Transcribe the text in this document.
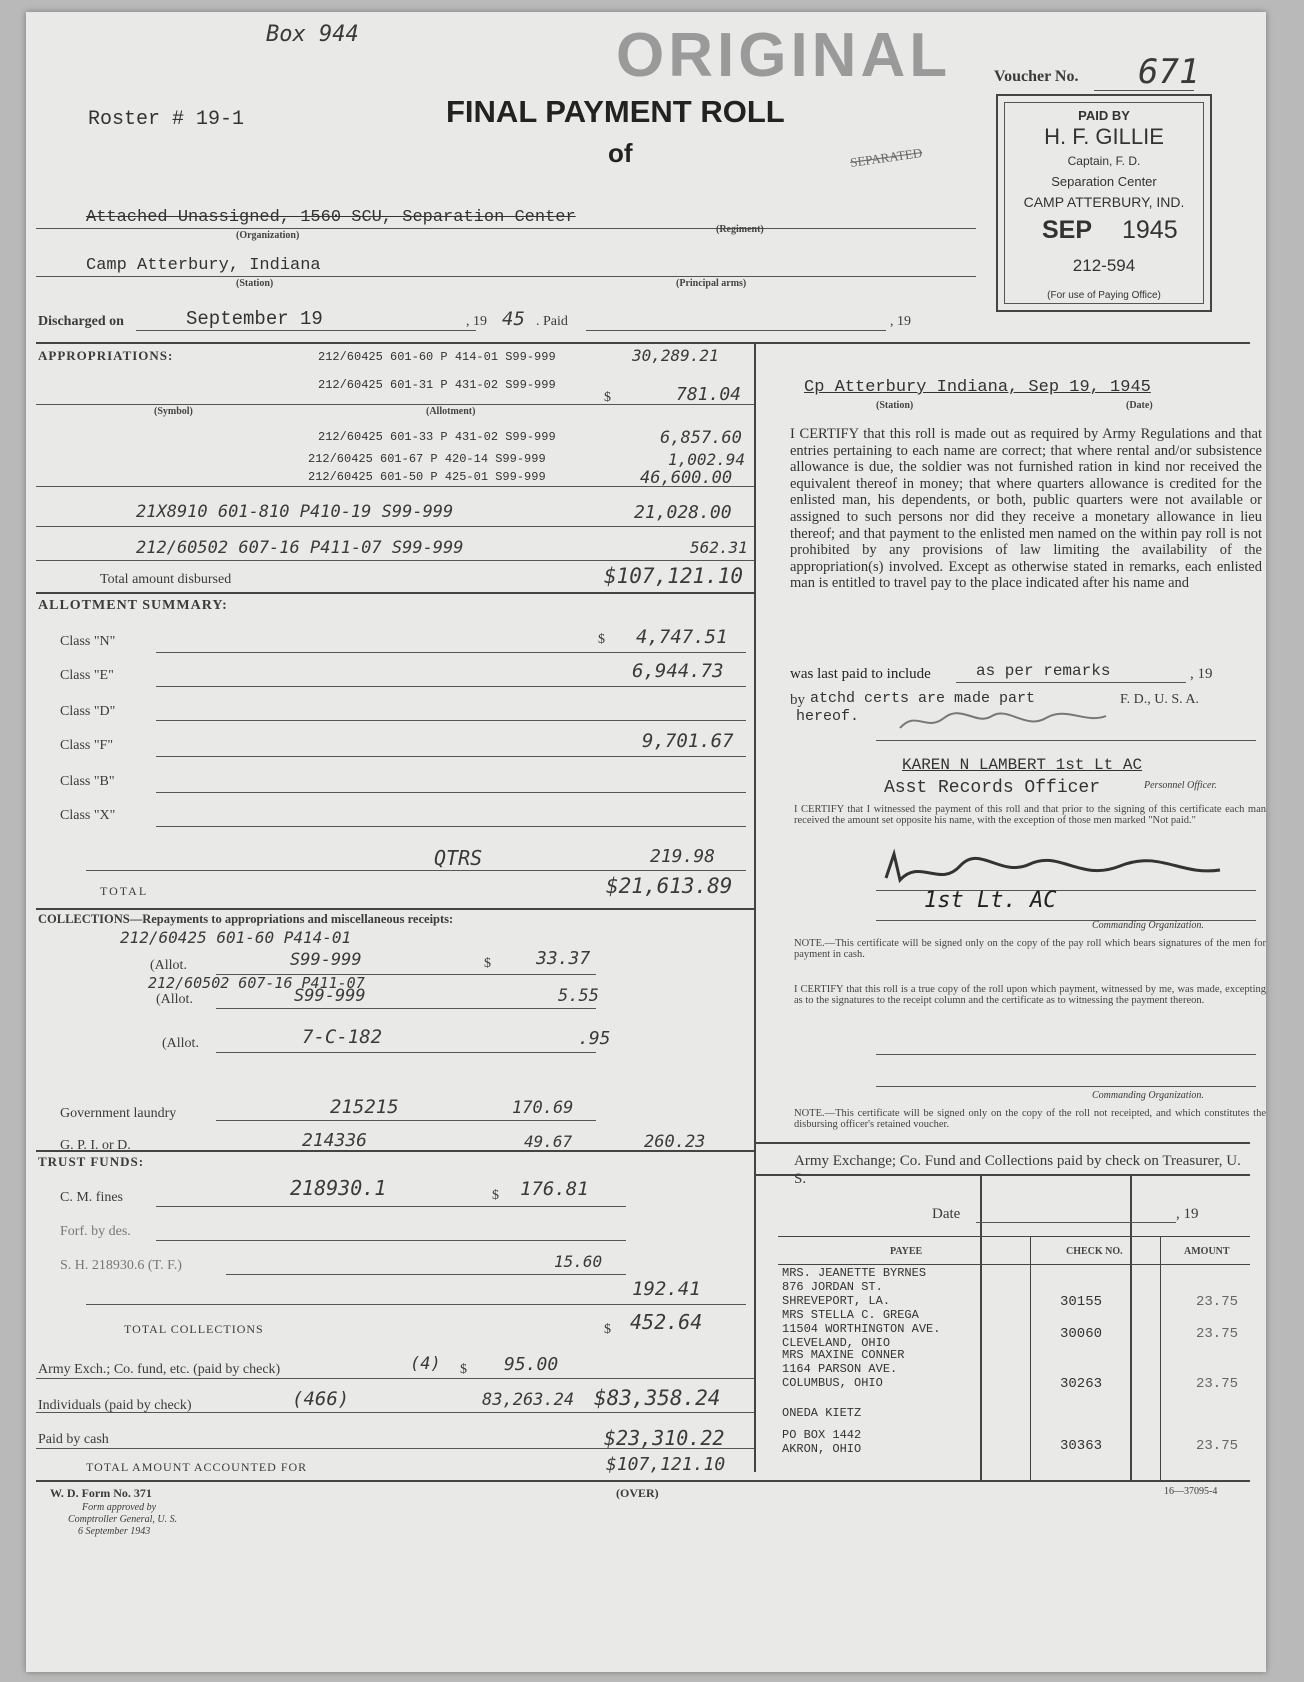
Box 944	ORIGINAL
Roster # 19-1	FINAL PAYMENT ROLL
of
Voucher No. 671
SEPARATED
PAID BY
H. F. GILLIE
Captain, F. D.
Separation Center
CAMP ATTERBURY, IND.
SEP 1945
212-594
(For use of Paying Office)
Attached Unassigned, 1560 SCU, Separation Center
(Organization)
(Regiment)
Camp Atterbury, Indiana
(Station)	(Principal arms)
Discharged on	September 19	, 19 45 . Paid	, 19
APPROPRIATIONS:
(Symbol)	(Allotment)
$
212/60425 601-60 P 414-01 S99-999	30,289.21
212/60425 601-31 P 431-02 S99-999	781.04
212/60425 601-33 P 431-02 S99-999	6,857.60
212/60425 601-67 P 420-14 S99-999	1,002.94
212/60425 601-50 P 425-01 S99-999	46,600.00
21X8910 601-810 P410-19 S99-999	21,028.00
212/60502 607-16 P411-07 S99-999	562.31
Total amount disbursed	$107,121.10
ALLOTMENT SUMMARY:
$
Class "N"	4,747.51
Class "E"	6,944.73
Class "D"
Class "F"	9,701.67
Class "B"
Class "X"
QTRS	219.98
TOTAL	$21,613.89
COLLECTIONS—Repayments to appropriations and miscellaneous receipts:
212/60425 601-60 P414-01
(Allot.	S99-999	$	33.37
212/60502 607-16 P411-07
(Allot.	S99-999	5.55
(Allot.	7-C-182	.95
Government laundry	215215	170.69
G. P. I. or D.	214336	49.67	260.23
TRUST FUNDS:
C. M. fines	218930.1	$ 176.81
Forf. by des.
S. H. 218930.6 (T. F.)	15.60
192.41
TOTAL COLLECTIONS	$ 452.64
Army Exch.; Co. fund, etc. (paid by check)	(4) $ 95.00
Individuals (paid by check)	(466)	83,263.24 $83,358.24
Paid by cash	$23,310.22
TOTAL AMOUNT ACCOUNTED FOR	$107,121.10
Cp Atterbury Indiana, Sep 19, 1945
(Station)	(Date)
I CERTIFY that this roll is made out as required by Army Regulations and that entries pertaining to each name are correct; that where rental and/or subsistence allowance is due, the soldier was not furnished ration in kind nor received the equivalent thereof in money; that where quarters allowance is credited for the enlisted man, his dependents, or both, public quarters were not available or assigned to such persons nor did they receive a monetary allowance in lieu thereof; and that payment to the enlisted men named on the within pay roll is not prohibited by any provisions of law limiting the availability of the appropriation(s) involved. Except as otherwise stated in remarks, each enlisted man is entitled to travel pay to the place indicated after his name and
was last paid to include	as per remarks	, 19
by atchd certs are made part	F. D., U. S. A.
hereof.
KAREN N LAMBERT 1st Lt AC
Asst Records Officer	Personnel Officer.
I CERTIFY that I witnessed the payment of this roll and that prior to the signing of this certificate each man received the amount set opposite his name, with the exception of those men marked "Not paid."
1st Lt. AC
Commanding Organization.
NOTE.—This certificate will be signed only on the copy of the pay roll which bears signatures of the men for payment in cash.
I CERTIFY that this roll is a true copy of the roll upon which payment, witnessed by me, was made, excepting as to the signatures to the receipt column and the certificate as to witnessing the payment thereon.
Commanding Organization.
NOTE.—This certificate will be signed only on the copy of the roll not receipted, and which constitutes the disbursing officer's retained voucher.
Army Exchange; Co. Fund and Collections paid by check on Treasurer, U. S.
Date	, 19
PAYEE	CHECK NO.	AMOUNT
MRS. JEANETTE BYRNES
876 JORDAN ST.
SHREVEPORT, LA.	30155	23.75
MRS STELLA C. GREGA
11504 WORTHINGTON AVE.
CLEVELAND, OHIO
30060	23.75
MRS MAXINE CONNER
1164 PARSON AVE.
COLUMBUS, OHIO	30263	23.75
ONEDA KIETZ
PO BOX 1442
AKRON, OHIO	30363	23.75
W. D. Form No. 371
Form approved by
Comptroller General, U. S.
6 September 1943
(OVER)	16—37095-4
